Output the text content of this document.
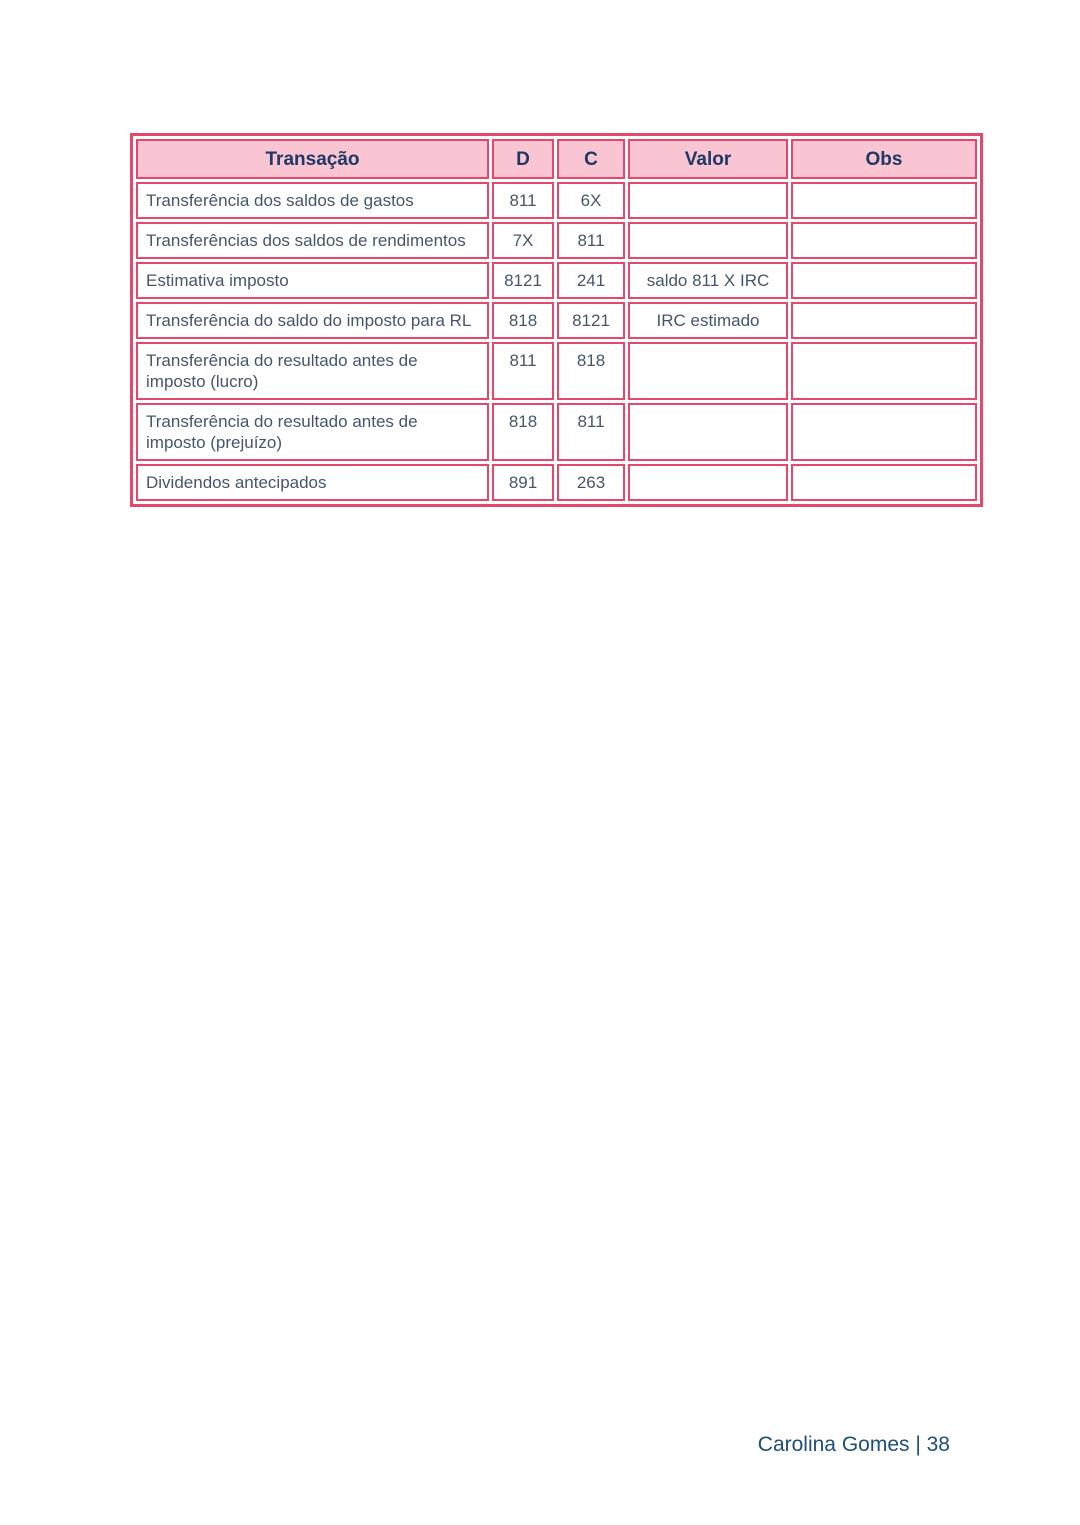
Transação	D	C	Valor	Obs
Transferência dos saldos de gastos	811	6X		
Transferências dos saldos de rendimentos	7X	811		
Estimativa imposto	8121	241	saldo 811 X IRC	
Transferência do saldo do imposto para RL	818	8121	IRC estimado	
Transferência do resultado antes de imposto (lucro)	811	818		
Transferência do resultado antes de imposto (prejuízo)	818	811		
Dividendos antecipados	891	263		
Carolina Gomes | 38
